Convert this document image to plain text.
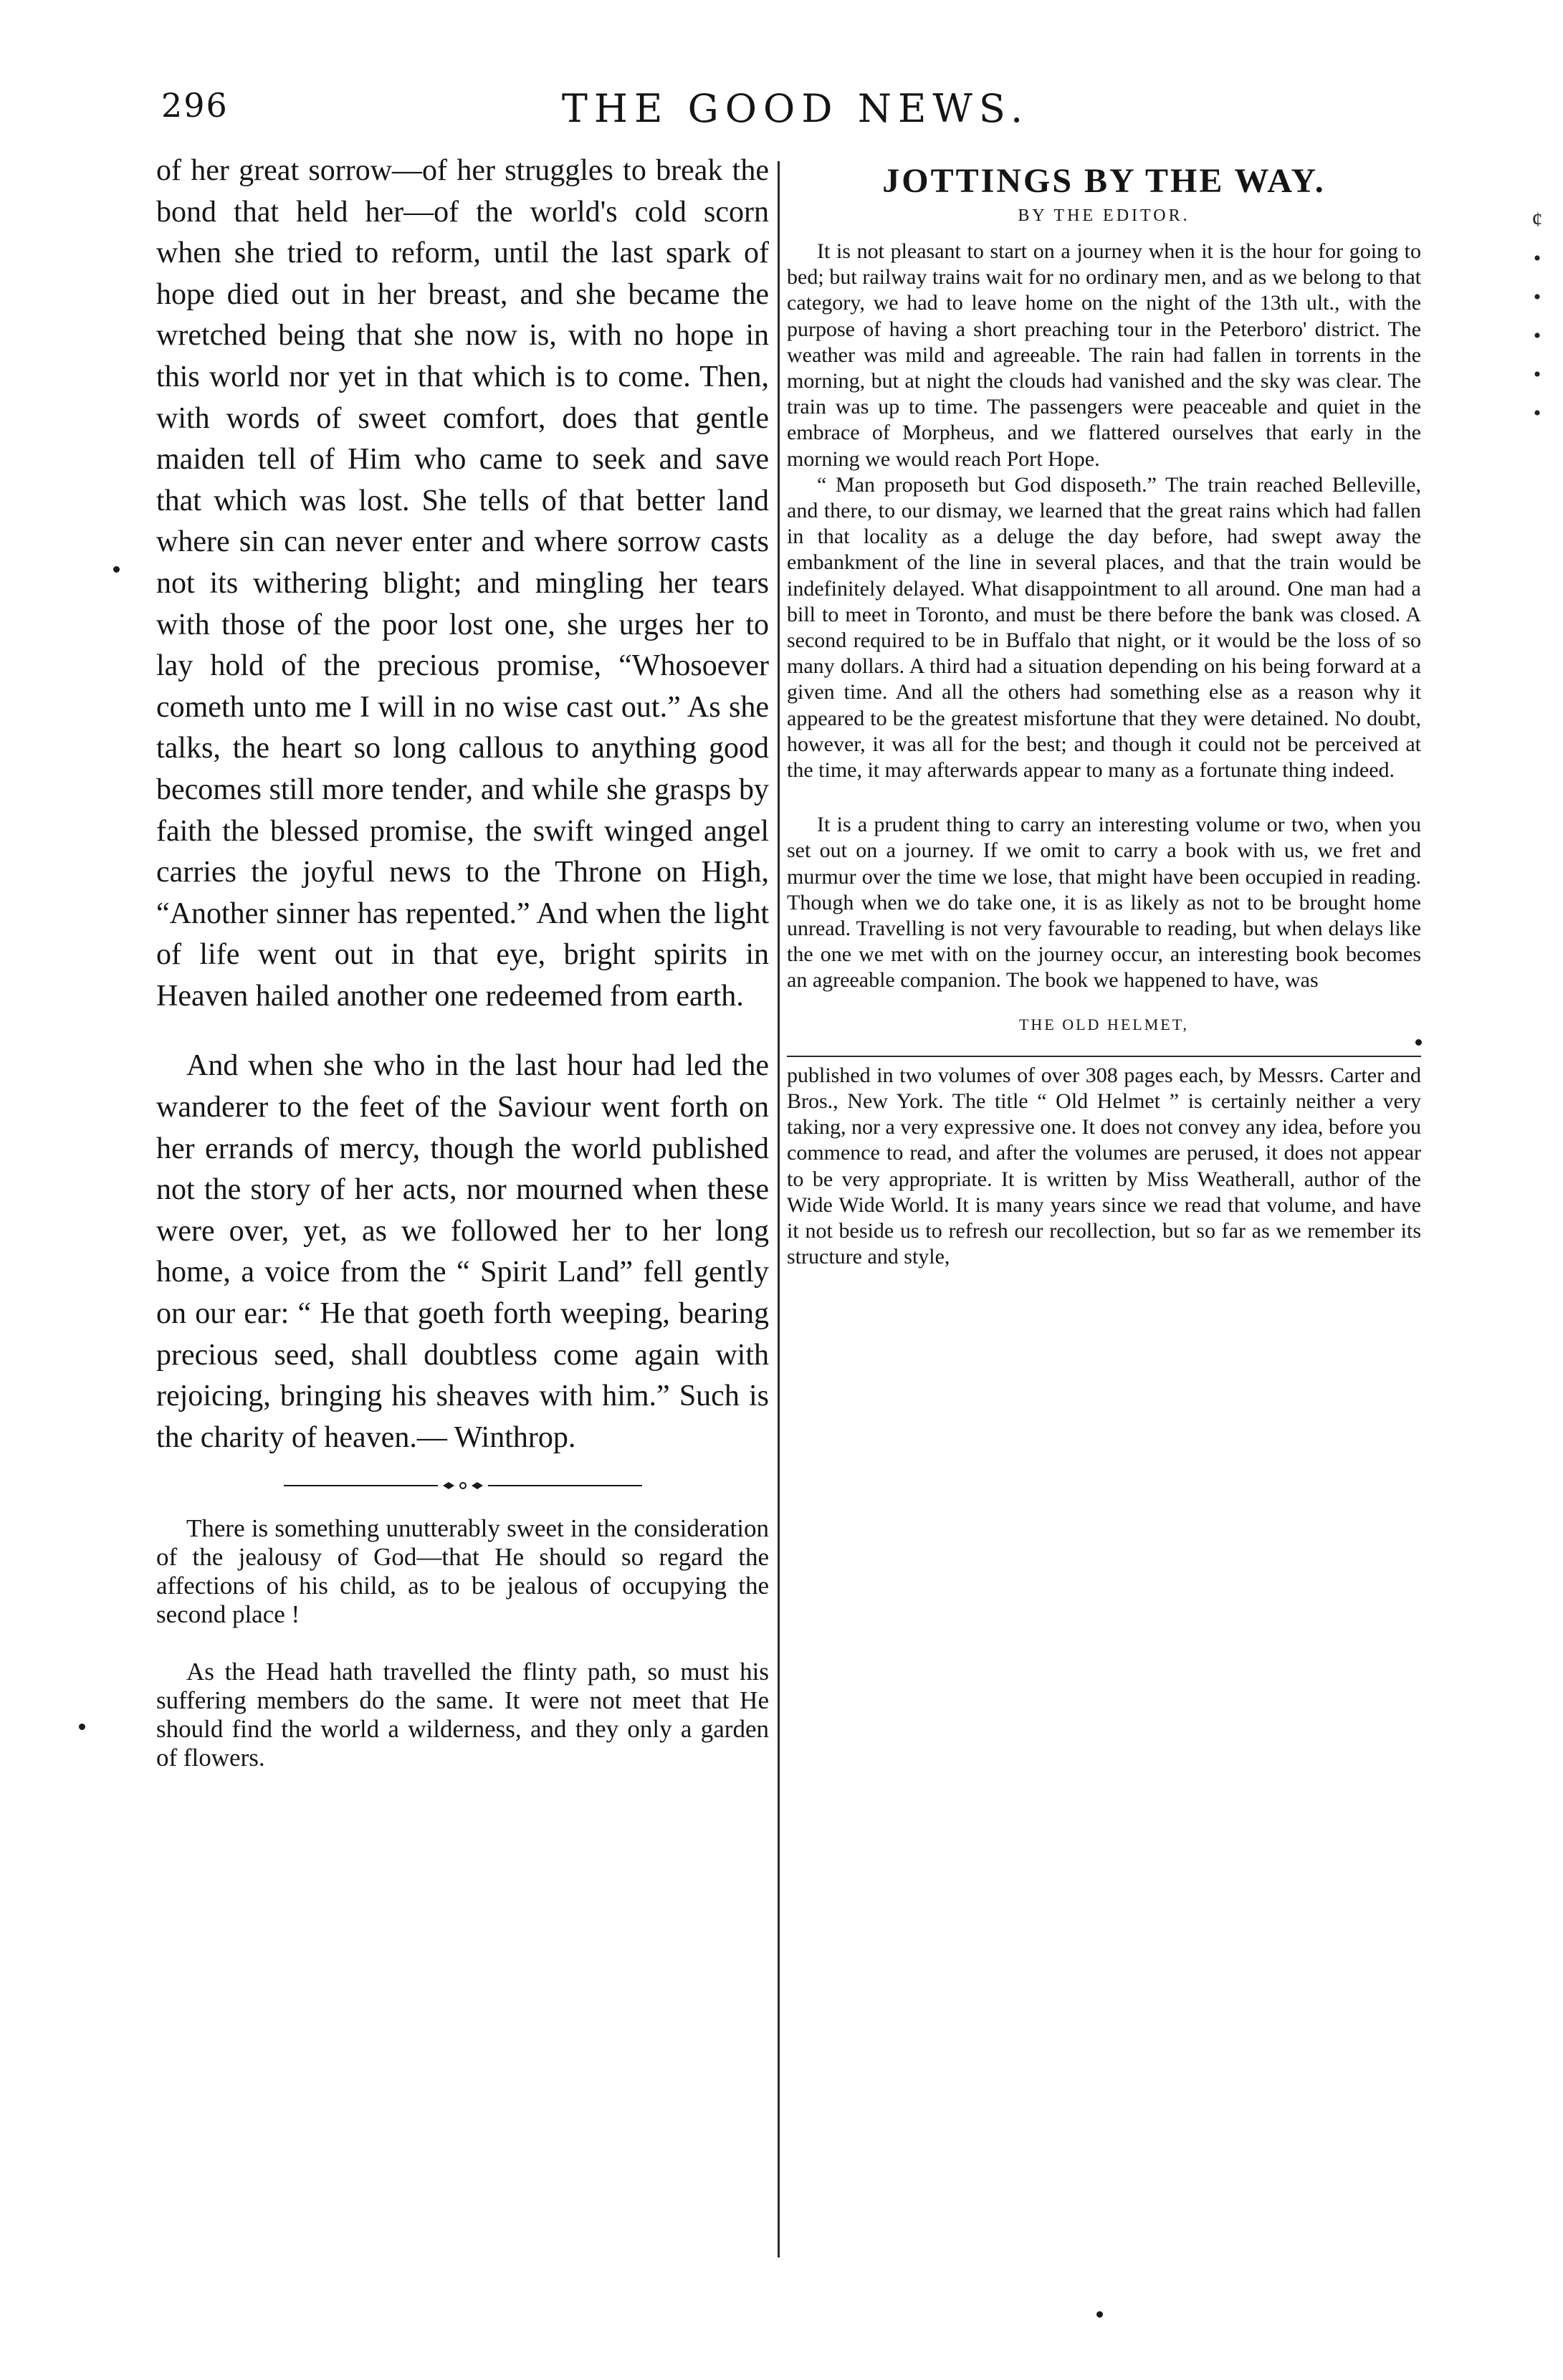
296	THE GOOD NEWS.

of her great sorrow—of her struggles to break the bond that held her—of the world's cold scorn when she tried to reform, until the last spark of hope died out in her breast, and she became the wretched being that she now is, with no hope in this world nor yet in that which is to come. Then, with words of sweet comfort, does that gentle maiden tell of Him who came to seek and save that which was lost. She tells of that better land where sin can never enter and where sorrow casts not its withering blight; and mingling her tears with those of the poor lost one, she urges her to lay hold of the precious promise, “Whosoever cometh unto me I will in no wise cast out.” As she talks, the heart so long callous to anything good becomes still more tender, and while she grasps by faith the blessed promise, the swift winged angel carries the joyful news to the Throne on High, “Another sinner has repented.” And when the light of life went out in that eye, bright spirits in Heaven hailed another one redeemed from earth.

And when she who in the last hour had led the wanderer to the feet of the Saviour went forth on her errands of mercy, though the world published not the story of her acts, nor mourned when these were over, yet, as we followed her to her long home, a voice from the “ Spirit Land” fell gently on our ear: “ He that goeth forth weeping, bearing precious seed, shall doubtless come again with rejoicing, bringing his sheaves with him.” Such is the charity of heaven.— Winthrop.

There is something unutterably sweet in the consideration of the jealousy of God—that He should so regard the affections of his child, as to be jealous of occupying the second place !

As the Head hath travelled the flinty path, so must his suffering members do the same. It were not meet that He should find the world a wilderness, and they only a garden of flowers.

JOTTINGS BY THE WAY.
BY THE EDITOR.

It is not pleasant to start on a journey when it is the hour for going to bed; but railway trains wait for no ordinary men, and as we belong to that category, we had to leave home on the night of the 13th ult., with the purpose of having a short preaching tour in the Peterboro' district. The weather was mild and agreeable. The rain had fallen in torrents in the morning, but at night the clouds had vanished and the sky was clear. The train was up to time. The passengers were peaceable and quiet in the embrace of Morpheus, and we flattered ourselves that early in the morning we would reach Port Hope.

“ Man proposeth but God disposeth.” The train reached Belleville, and there, to our dismay, we learned that the great rains which had fallen in that locality as a deluge the day before, had swept away the embankment of the line in several places, and that the train would be indefinitely delayed. What disappointment to all around. One man had a bill to meet in Toronto, and must be there before the bank was closed. A second required to be in Buffalo that night, or it would be the loss of so many dollars. A third had a situation depending on his being forward at a given time. And all the others had something else as a reason why it appeared to be the greatest misfortune that they were detained. No doubt, however, it was all for the best; and though it could not be perceived at the time, it may afterwards appear to many as a fortunate thing indeed.

It is a prudent thing to carry an interesting volume or two, when you set out on a journey. If we omit to carry a book with us, we fret and murmur over the time we lose, that might have been occupied in reading. Though when we do take one, it is as likely as not to be brought home unread. Travelling is not very favourable to reading, but when delays like the one we met with on the journey occur, an interesting book becomes an agreeable companion. The book we happened to have, was

THE OLD HELMET,

published in two volumes of over 308 pages each, by Messrs. Carter and Bros., New York. The title “ Old Helmet ” is certainly neither a very taking, nor a very expressive one. It does not convey any idea, before you commence to read, and after the volumes are perused, it does not appear to be very appropriate. It is written by Miss Weatherall, author of the Wide Wide World. It is many years since we read that volume, and have it not beside us to refresh our recollection, but so far as we remember its structure and style,

¢
•
•
•
•
•
